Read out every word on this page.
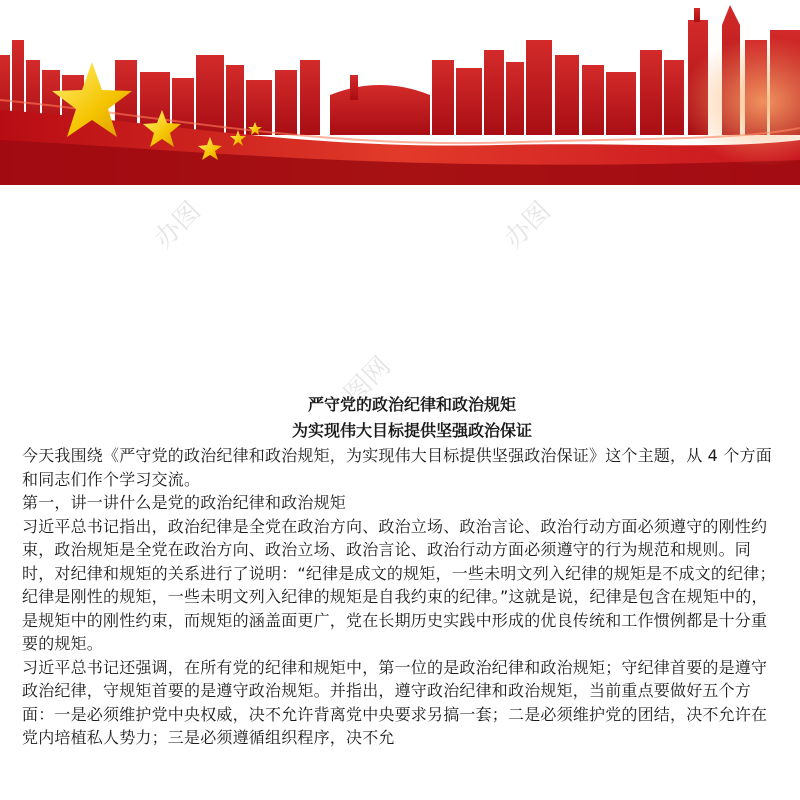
办图	办图
图网

严守党的政治纪律和政治规矩

为实现伟大目标提供坚强政治保证

今天我围绕《严守党的政治纪律和政治规矩，为实现伟大目标提供坚强政治保证》这个主题，从 4 个方面和同志们作个学习交流。

第一，讲一讲什么是党的政治纪律和政治规矩

习近平总书记指出，政治纪律是全党在政治方向、政治立场、政治言论、政治行动方面必须遵守的刚性约束，政治规矩是全党在政治方向、政治立场、政治言论、政治行动方面必须遵守的行为规范和规则。同时，对纪律和规矩的关系进行了说明：“纪律是成文的规矩，一些未明文列入纪律的规矩是不成文的纪律；纪律是刚性的规矩，一些未明文列入纪律的规矩是自我约束的纪律。”这就是说，纪律是包含在规矩中的，是规矩中的刚性约束，而规矩的涵盖面更广，党在长期历史实践中形成的优良传统和工作惯例都是十分重要的规矩。

习近平总书记还强调，在所有党的纪律和规矩中，第一位的是政治纪律和政治规矩；守纪律首要的是遵守政治纪律，守规矩首要的是遵守政治规矩。并指出，遵守政治纪律和政治规矩，当前重点要做好五个方面：一是必须维护党中央权威，决不允许背离党中央要求另搞一套；二是必须维护党的团结，决不允许在党内培植私人势力；三是必须遵循组织程序，决不允
